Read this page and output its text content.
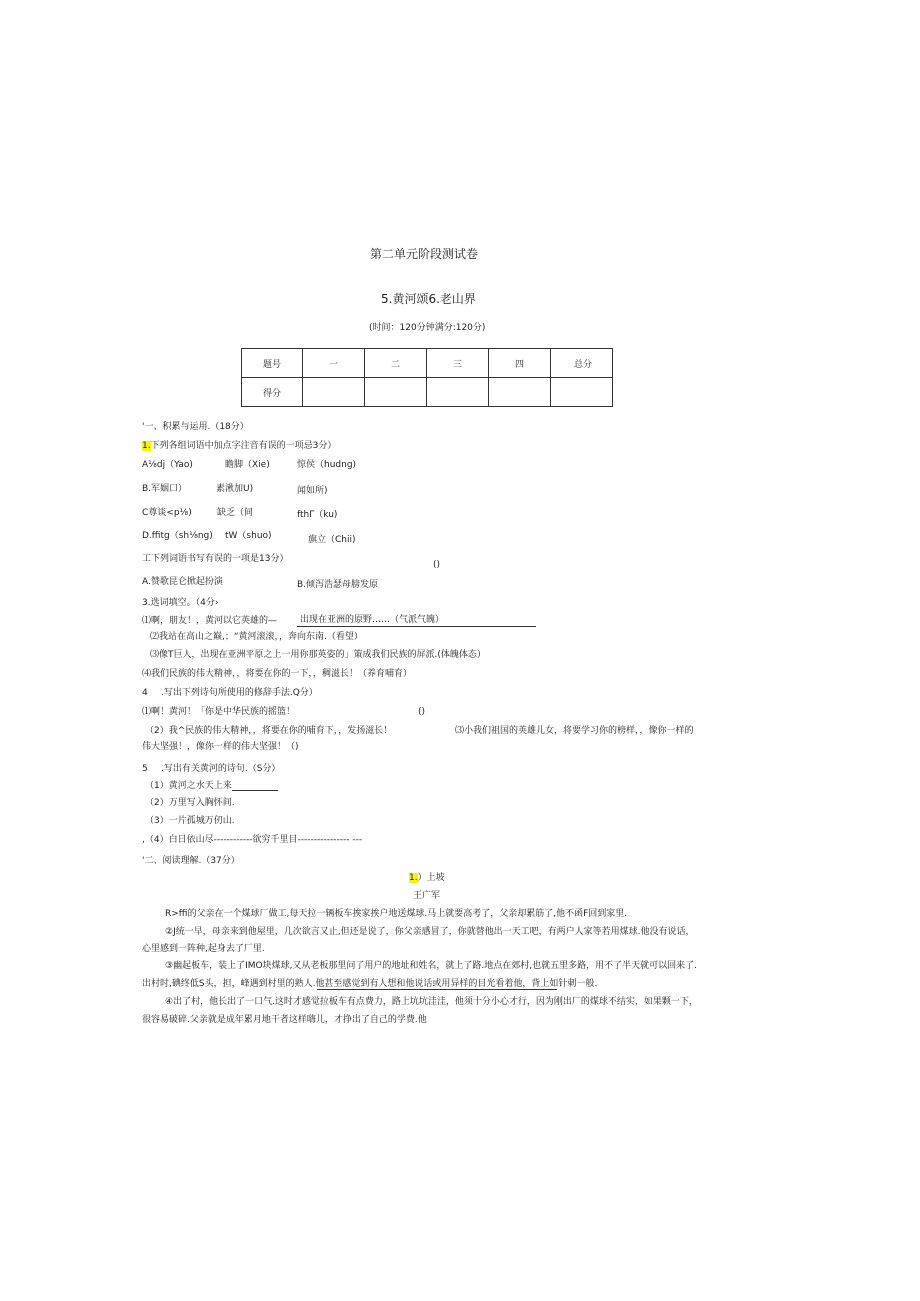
第二单元阶段测试卷
5.黄河颂6.老山界
(时间：120分钟满分:120分)
题号	一	二	三	四	总分
得分					
'一、积累与运用.（18分）
1.下列各组词语中加点字注音有误的一项忌3分）
A⅛dj（Yao)	瞻脚（Xie)	惊侯（hudng)
B.军姻口）	素湫加U)	闻如所)
C尊谈<p⅛)	缺乏（间	fthΓ（ku)
D.ffitg（sh⅛ng) tW（shuo)	旗立（Chii)
工下列词语书写有误的一项是13分）
()
A.赞歌昆仑掀起扮演	B.倾泻浩瑟母膀发原
3.选词填空。（4分›
⑴啊，朋友！，黄河以它英雄的—	出现在亚洲的原野……（气派气魄）
⑵我站在高山之巅,；“黄河滚滚，，奔向东南.（看望）
⑶像T巨人，出现在亚洲平原之上一用你那英姿的」策成我们民族的屏派.(体魄体态）
⑷我们民族的伟大精神，，将要在你的一下，，稠滋长！（养育哺育）
4 .写出下列诗句所使用的修辞手法.Q分）
⑴啊！黄河！「你是中华民族的摇篮！	()
（2）我^民族的伟大精神，，将要在你的哺育下，，发扬滋长！	⑶小我们祖国的英雄儿女，将要学习你的榜样，，像你一样的
伟大坚强！，像你一样的伟大坚强！（)
5 .写出有关黄河的诗句.（S分）
（1）黄河之水天上来
（2）万里写入胸怀间.
（3）一片孤城万仞山.
,（4）白日依山尽------------欲穷千里目---------------- ---
'二、阅读理解.（37分）
1.）上坡
王广军
R>ffi的父亲在一个煤球厂做工,每天拉一辆板车挨家挨户地送煤球.马上就要高考了，父亲却累筋了,他不函F回到家里.
②J统一早，母亲来到他屋里，几次欲言又止,但还是说了，你父亲感冒了，你就替他出一天工吧，有两户人家等若用煤球.他没有说话，
心里感到一阵种,起身去了厂里.
③幽起板车，装上了IMO块煤球,又从老板那里问了用户的地址和姓名，就上了路.地点在郊村,也就五里多路，用不了半天就可以回来了.
出村时,碘终低S头，担，峰遇到村里的熟人.他甚至感觉到有人想和他说话或用异样的目光看着他，背上如针刺一般.
④出了村，他长出了一口气.这时才感觉拉板车有点费力，路上坑坑洼洼，他须十分小心才行，因为刚出厂的煤球不结实，如果颗一下，
很容易破碎.父亲就是成年累月地干者这样嗨儿，才挣出了自己的学费.他
